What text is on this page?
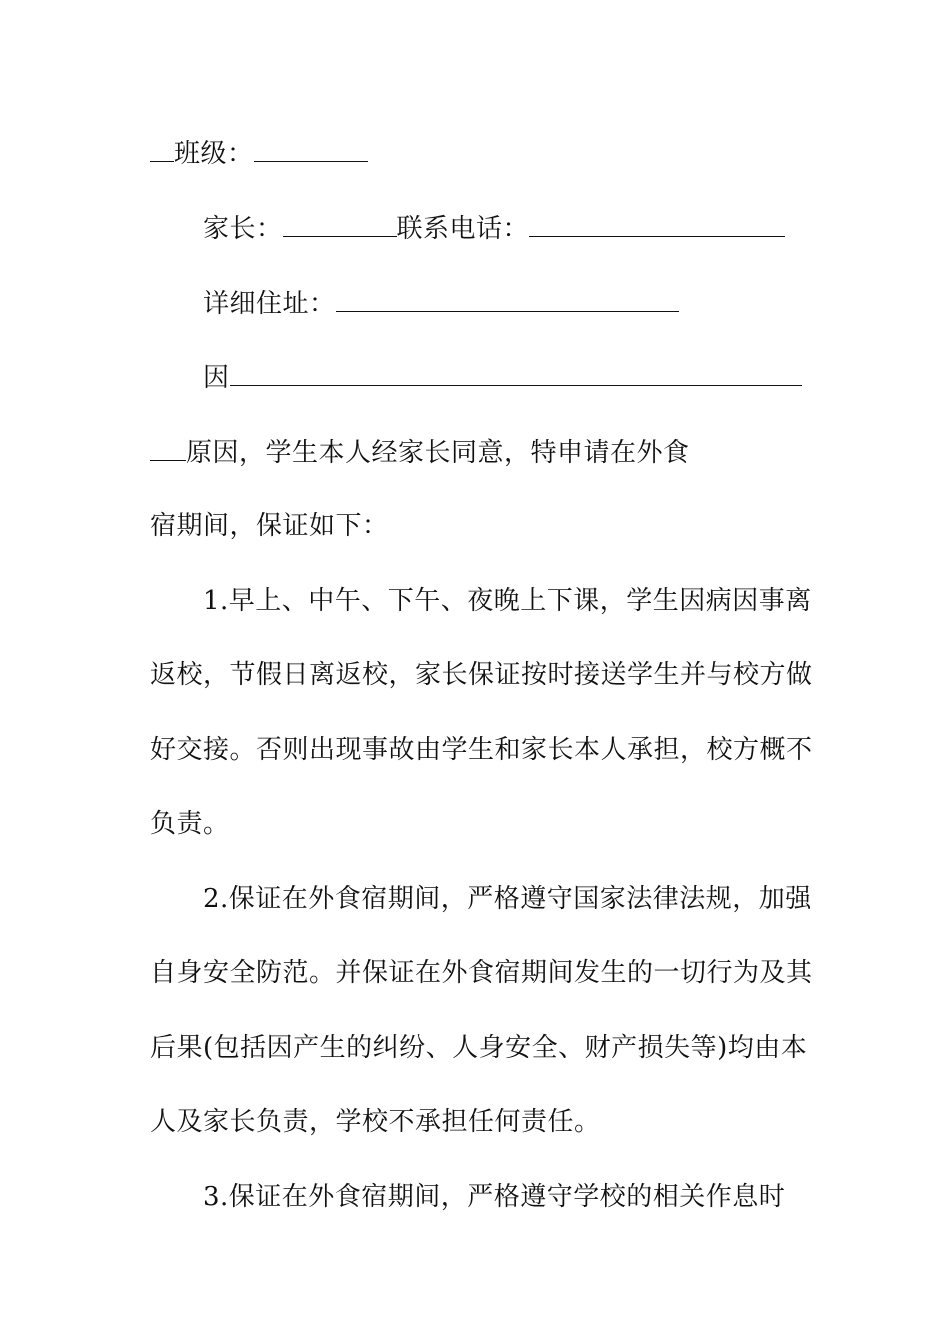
班级：
家长：	联系电话：
详细住址：
因
原因，学生本人经家长同意，特申请在外食
宿期间，保证如下：
1.早上、中午、下午、夜晚上下课，学生因病因事离
返校，节假日离返校，家长保证按时接送学生并与校方做
好交接。否则出现事故由学生和家长本人承担，校方概不
负责。
2.保证在外食宿期间，严格遵守国家法律法规，加强
自身安全防范。并保证在外食宿期间发生的一切行为及其
后果(包括因产生的纠纷、人身安全、财产损失等)均由本
人及家长负责，学校不承担任何责任。
3.保证在外食宿期间，严格遵守学校的相关作息时
